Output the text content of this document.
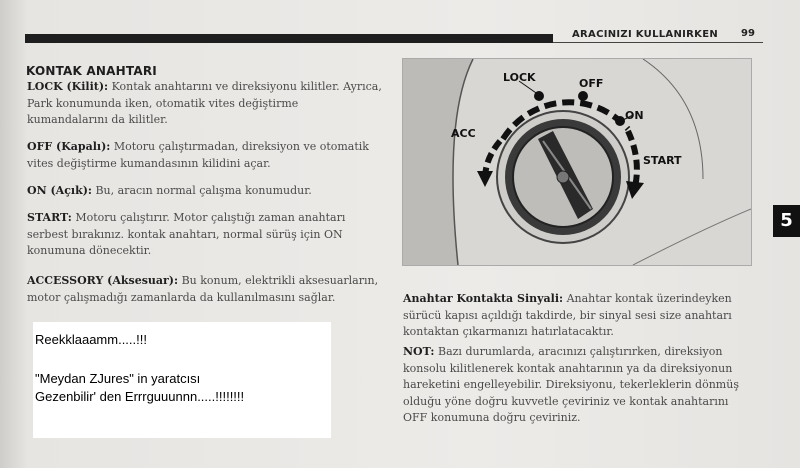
ARACINIZI KULLANIRKEN 99
5
KONTAK ANAHTARI
LOCK (Kilit): Kontak anahtarını ve direksiyonu kilitler. Ayrıca, Park konumunda iken, otomatik vites değiştirme kumandalarını da kilitler.
OFF (Kapalı): Motoru çalıştırmadan, direksiyon ve otomatik vites değiştirme kumandasının kilidini açar.
ON (Açık): Bu, aracın normal çalışma konumudur.
START: Motoru çalıştırır. Motor çalıştığı zaman anahtarı serbest bırakınız. kontak anahtarı, normal sürüş için ON konumuna dönecektir.
ACCESSORY (Aksesuar): Bu konum, elektrikli aksesuarların, motor çalışmadığı zamanlarda da kullanılmasını sağlar.
Reekklaaamm.....!!!
"Meydan ZJures" in yaratcısı
Gezenbilir' den Errrguuunnn.....!!!!!!!!
LOCK	OFF
ON
START
ACC
Anahtar Kontakta Sinyali: Anahtar kontak üzerindeyken sürücü kapısı açıldığı takdirde, bir sinyal sesi size anahtarı kontaktan çıkarmanızı hatırlatacaktır.
NOT: Bazı durumlarda, aracınızı çalıştırırken, direksiyon konsolu kilitlenerek kontak anahtarının ya da direksiyonun hareketini engelleyebilir. Direksiyonu, tekerleklerin dönmüş olduğu yöne doğru kuvvetle çeviriniz ve kontak anahtarını OFF konumuna doğru çeviriniz.
